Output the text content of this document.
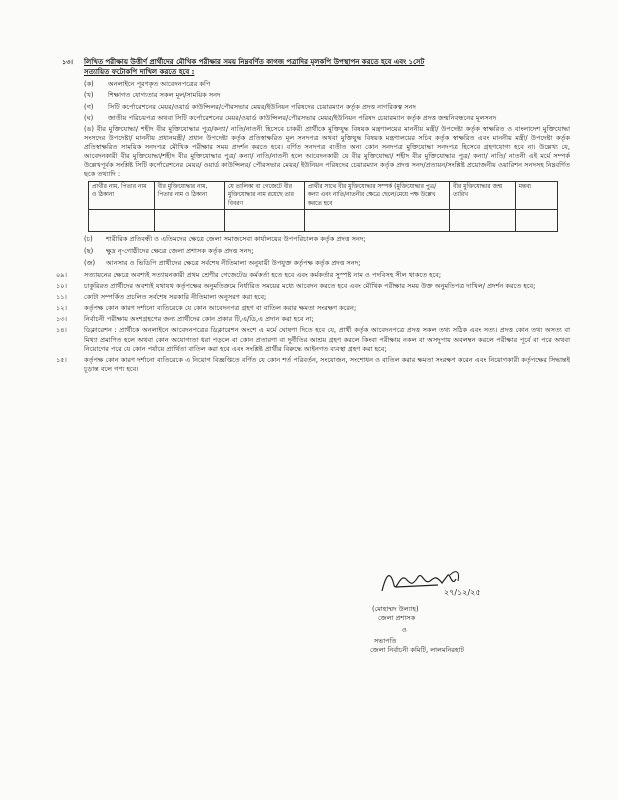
১৩।	লিখিত পরীক্ষায় উত্তীর্ণ প্রার্থীদের মৌখিক পরীক্ষার সময় নিম্নবর্ণিত কাগজ পত্রাদির মূলকপি উপস্থাপন করতে হবে এবং ১সেট
সত্যায়িত ফটোকপি দাখিল করতে হবে :
(ক)	অনলাইনে পূরণকৃত আবেদনপত্রের কপি
(খ)	শিক্ষাগত যোগ্যতার সকল মূল/সাময়িক সনদ
(গ)	সিটি কর্পোরেশনের মেয়র/ওয়ার্ড কাউন্সিলর/পৌরসভার মেয়র/ইউনিয়ন পরিষদের চেয়ারম্যান কর্তৃক প্রদত্ত নাগরিকত্ব সনদ
(ঘ)	জাতীয় পরিচয়পত্র অথবা সিটি কর্পোরেশনের মেয়র/ওয়ার্ড কাউন্সিলর/পৌরসভার মেয়র/ইউনিয়ন পরিষদ চেয়ারম্যান কর্তৃক প্রদত্ত জন্মনিবন্ধনের মূলসনদ
(ঙ) বীর মুক্তিযোদ্ধা/ শহীদ বীর মুক্তিযোদ্ধার পুত্র/কন্যা/ নাতি/নাতনী হিসেবে চাকরী প্রার্থীকে মুক্তিযুদ্ধ বিষয়ক মন্ত্রণালয়ের মাননীয় মন্ত্রী/ উপদেষ্টা কর্তৃক স্বাক্ষরিত ও বাংলাদেশ মুক্তিযোদ্ধা সংসদের উপদেষ্টা/ মাননীয় প্রধানমন্ত্রী/ প্রধান উপদেষ্টা কর্তৃক প্রতিস্বাক্ষরিত মূল সনদপত্র অথবা মুক্তিযুদ্ধ বিষয়ক মন্ত্রণালয়ের সচিব কর্তৃক স্বাক্ষরিত এবং মাননীয় মন্ত্রী/ উপদেষ্টা কর্তৃক প্রতিস্বাক্ষরিত সাময়িক সনদপত্র মৌখিক পরীক্ষার সময় প্রদর্শন করতে হবে। বর্ণিত সনদপত্র ব্যতীত অন্য কোন সনদপত্র মুক্তিযোদ্ধা সনদপত্র হিসেবে গ্রহণযোগ্য হবে না। উল্লেখ্য যে, আবেদনকারী বীর মুক্তিযোদ্ধা/শহীদ বীর মুক্তিযোদ্ধার পুত্র/ কন্যা/ নাতি/নাতনী হলে আবেদনকারী যে বীর মুক্তিযোদ্ধা/ শহীদ বীর মুক্তিযোদ্ধার পুত্র/ কন্যা/ নাতি/ নাতনী এই মর্মে সম্পর্ক উল্লেখপূর্বক সংশ্লিষ্ট সিটি কর্পোরেশনের মেয়র/ ওয়ার্ড কাউন্সিলর/ পৌরসভার মেয়র/ ইউনিয়ন পরিষদের চেয়ারম্যান কর্তৃক প্রদত্ত সনদ/প্রত্যয়ন/সংশ্লিষ্ট প্রয়োজনীয় ওয়ারিশন সনদসহ নিম্নবর্ণিত ছকে তথ্যাদি :
প্রার্থীর নাম, পিতার নাম ও ঠিকানা	বীর মুক্তিযোদ্ধার নাম, পিতার নাম ও ঠিকানা	যে তালিকা বা গেজেটে বীর মুক্তিযোদ্ধার নাম রয়েছে তার বিবরণ	প্রার্থীর সাথে বীর মুক্তিযোদ্ধার সম্পর্ক (মুক্তিযোদ্ধার পুত্র/কন্যা এবং নাতি/নাতনীর ক্ষেত্রে ছেলে/মেয়ে পক্ষ উল্লেখ করতে হবে	বীর মুক্তিযোদ্ধার জন্ম তারিখ	মন্তব্য

(চ)	শারীরিক প্রতিবন্ধী ও এতিমদের ক্ষেত্রে জেলা সমাজসেবা কার্যালয়ের উপপরিচালক কর্তৃক প্রদত্ত সনদ;
(ছ)	ক্ষুদ্র নৃ-গোষ্ঠীদের ক্ষেত্রে জেলা প্রশাসক কর্তৃক প্রদত্ত সনদ;
(জ)	আনসার ও ভিডিপি প্রার্থীদের ক্ষেত্রে সর্বশেষ নীতিমালা অনুযায়ী উপযুক্ত কর্তৃপক্ষ কর্তৃক প্রদত্ত সনদ;
০৯।	সত্যায়নের ক্ষেত্রে অবশ্যই সত্যায়নকারী প্রথম শ্রেণীর গেজেটেড কর্মকর্তা হতে হবে এবং কর্মকর্তার সুস্পষ্ট নাম ও পদবিসহ সীল থাকতে হবে;
১০।	চাকুরিরত প্রার্থীদের অবশ্যই যথাযথ কর্তৃপক্ষের অনুমতিক্রমে নির্ধারিত সময়ের মধ্যে আবেদন করতে হবে এবং মৌখিক পরীক্ষার সময় উক্ত অনুমতিপত্র দাখিল/ প্রদর্শন করতে হবে;
১১।	কোটা সম্পর্কিত প্রচলিত সর্বশেষ সরকারি নীতিমালা অনুসরণ করা হবে;
১২।	কর্তৃপক্ষ কোন কারণ দর্শানো ব্যতিরেকে যে কোন আবেদনপত্র গ্রহণ বা বাতিল করার ক্ষমতা সংরক্ষণ করেন;
১৩।	নির্বাচনী পরীক্ষায় অংশগ্রহণের জন্য প্রার্থীদের কোন প্রকার টি,এ/ডি,এ প্রদান করা হবে না;
১৪।	ডিক্লারেশন : প্রার্থীকে অনলাইনে আবেদনপত্রের ডিক্লারেশন অংশে এ মর্মে ঘোষণা দিতে হবে যে, প্রার্থী কর্তৃক আবেদনপত্রে প্রদত্ত সকল তথ্য সঠিক এবং সত্য। প্রদত্ত কোন তথ্য অসত্য বা মিথ্যা প্রমাণিত হলে অথবা কোন অযোগ্যতা ধরা পড়লে বা কোন প্রতারণা বা দুর্নীতির আশ্রয় গ্রহণ করলে কিংবা পরীক্ষায় নকল বা অসদুপায় অবলম্বন করলে পরীক্ষার পূর্বে বা পরে অথবা নিয়োগের পরে যে কোন পর্যায়ে প্রার্থিতা বাতিল করা হবে এবং সংশ্লিষ্ট প্রার্থীর বিরুদ্ধে আইনগত ব্যবস্থা গ্রহণ করা হবে;
১৫।	কর্তৃপক্ষ কোন কারণ দর্শানো ব্যতিরেকে এ নিয়োগ বিজ্ঞপ্তিতে বর্ণিত যে কোন শর্ত পরিবর্তন, সংযোজন, সংশোধন ও বাতিল করার ক্ষমতা সংরক্ষণ করেন এবং নিয়োগকারী কর্তৃপক্ষের সিদ্ধান্তই চূড়ান্ত বলে গণ্য হবে।
২৭/১২/২৫
(মোহাম্মদ উল্যাহ)
জেলা প্রশাসক
ও
সভাপতি
জেলা নির্বাচনী কমিটি, লালমনিরহাট
